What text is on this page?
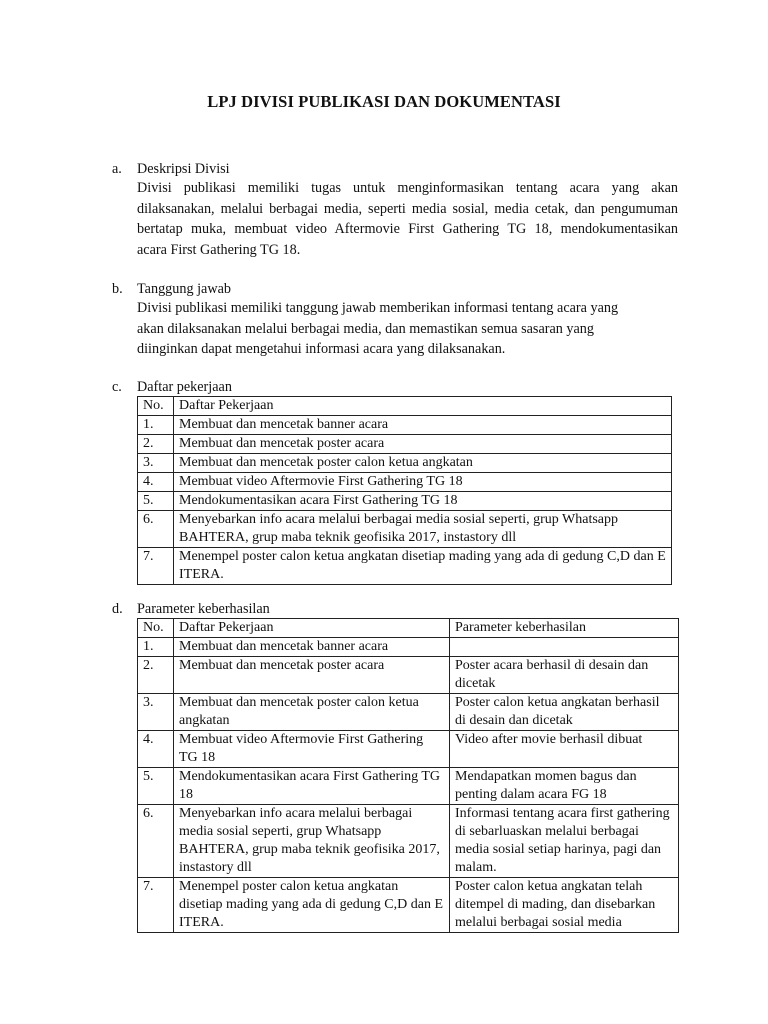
LPJ DIVISI PUBLIKASI DAN DOKUMENTASI
a. Deskripsi Divisi
Divisi publikasi memiliki tugas untuk menginformasikan tentang acara yang akan
dilaksanakan, melalui berbagai media, seperti media sosial, media cetak, dan pengumuman
bertatap muka, membuat video Aftermovie First Gathering TG 18, mendokumentasikan
acara First Gathering TG 18.
b. Tanggung jawab
Divisi publikasi memiliki tanggung jawab memberikan informasi tentang acara yang
akan dilaksanakan melalui berbagai media, dan memastikan semua sasaran yang
diinginkan dapat mengetahui informasi acara yang dilaksanakan.
c. Daftar pekerjaan
No.	Daftar Pekerjaan
1.	Membuat dan mencetak banner acara
2.	Membuat dan mencetak poster acara
3.	Membuat dan mencetak poster calon ketua angkatan
4.	Membuat video Aftermovie First Gathering TG 18
5.	Mendokumentasikan acara First Gathering TG 18
6.	Menyebarkan info acara melalui berbagai media sosial seperti, grup Whatsapp BAHTERA, grup maba teknik geofisika 2017, instastory dll
7.	Menempel poster calon ketua angkatan disetiap mading yang ada di gedung C,D dan E ITERA.
d. Parameter keberhasilan
No.	Daftar Pekerjaan	Parameter keberhasilan
1.	Membuat dan mencetak banner acara	
2.	Membuat dan mencetak poster acara	Poster acara berhasil di desain dan dicetak
3.	Membuat dan mencetak poster calon ketua angkatan	Poster calon ketua angkatan berhasil di desain dan dicetak
4.	Membuat video Aftermovie First Gathering TG 18	Video after movie berhasil dibuat
5.	Mendokumentasikan acara First Gathering TG 18	Mendapatkan momen bagus dan penting dalam acara FG 18
6.	Menyebarkan info acara melalui berbagai media sosial seperti, grup Whatsapp BAHTERA, grup maba teknik geofisika 2017, instastory dll	Informasi tentang acara first gathering di sebarluaskan melalui berbagai media sosial setiap harinya, pagi dan malam.
7.	Menempel poster calon ketua angkatan disetiap mading yang ada di gedung C,D dan E ITERA.	Poster calon ketua angkatan telah ditempel di mading, dan disebarkan melalui berbagai sosial media
